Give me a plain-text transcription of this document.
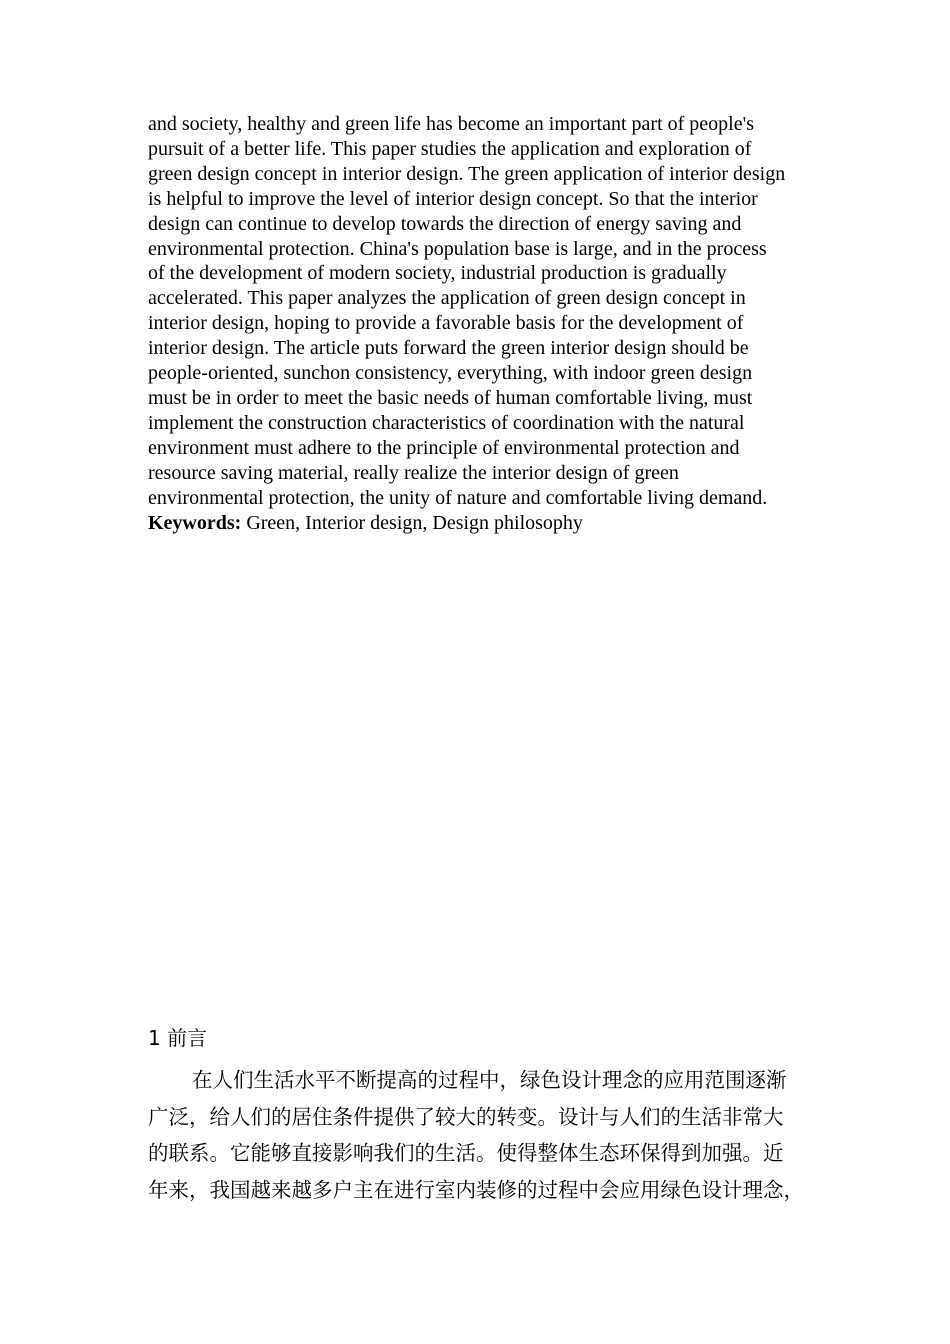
and society, healthy and green life has become an important part of people's
pursuit of a better life. This paper studies the application and exploration of
green design concept in interior design. The green application of interior design
is helpful to improve the level of interior design concept. So that the interior
design can continue to develop towards the direction of energy saving and
environmental protection. China's population base is large, and in the process
of the development of modern society, industrial production is gradually
accelerated. This paper analyzes the application of green design concept in
interior design, hoping to provide a favorable basis for the development of
interior design. The article puts forward the green interior design should be
people-oriented, sunchon consistency, everything, with indoor green design
must be in order to meet the basic needs of human comfortable living, must
implement the construction characteristics of coordination with the natural
environment must adhere to the principle of environmental protection and
resource saving material, really realize the interior design of green
environmental protection, the unity of nature and comfortable living demand.
Keywords: Green, Interior design, Design philosophy
1 前言
在人们生活水平不断提高的过程中，绿色设计理念的应用范围逐渐
广泛，给人们的居住条件提供了较大的转变。设计与人们的生活非常大
的联系。它能够直接影响我们的生活。使得整体生态环保得到加强。近
年来，我国越来越多户主在进行室内装修的过程中会应用绿色设计理念，
